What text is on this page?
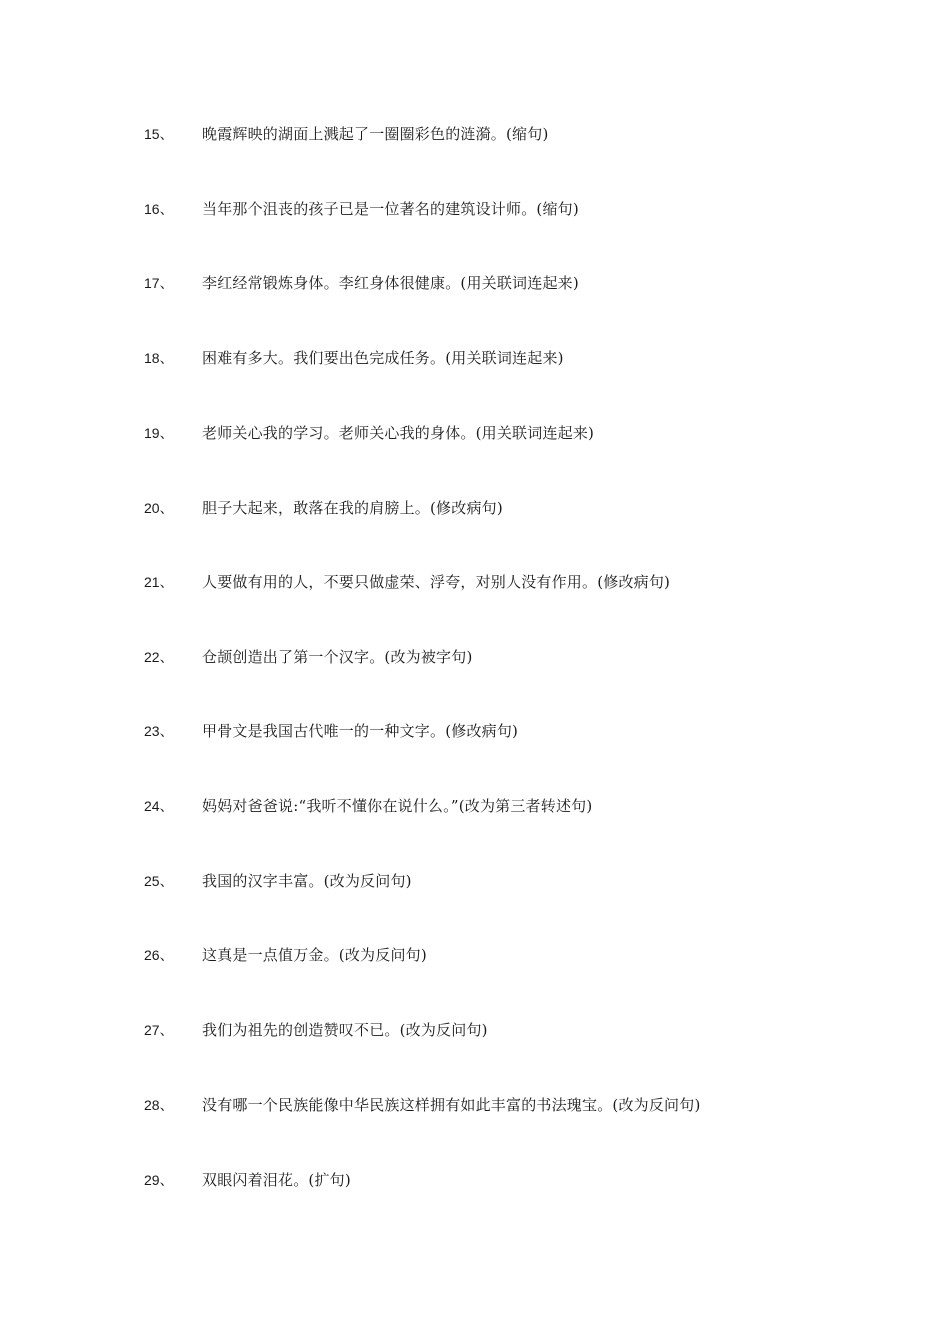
15、 晚霞辉映的湖面上溅起了一圈圈彩色的涟漪。(缩句)
16、 当年那个沮丧的孩子已是一位著名的建筑设计师。(缩句)
17、 李红经常锻炼身体。李红身体很健康。(用关联词连起来)
18、 困难有多大。我们要出色完成任务。(用关联词连起来)
19、 老师关心我的学习。老师关心我的身体。(用关联词连起来)
20、 胆子大起来，敢落在我的肩膀上。(修改病句)
21、 人要做有用的人，不要只做虚荣、浮夸，对别人没有作用。(修改病句)
22、 仓颉创造出了第一个汉字。(改为被字句)
23、 甲骨文是我国古代唯一的一种文字。(修改病句)
24、 妈妈对爸爸说:“我听不懂你在说什么。”(改为第三者转述句)
25、 我国的汉字丰富。(改为反问句)
26、 这真是一点值万金。(改为反问句)
27、 我们为祖先的创造赞叹不已。(改为反问句)
28、 没有哪一个民族能像中华民族这样拥有如此丰富的书法瑰宝。(改为反问句)
29、 双眼闪着泪花。(扩句)
